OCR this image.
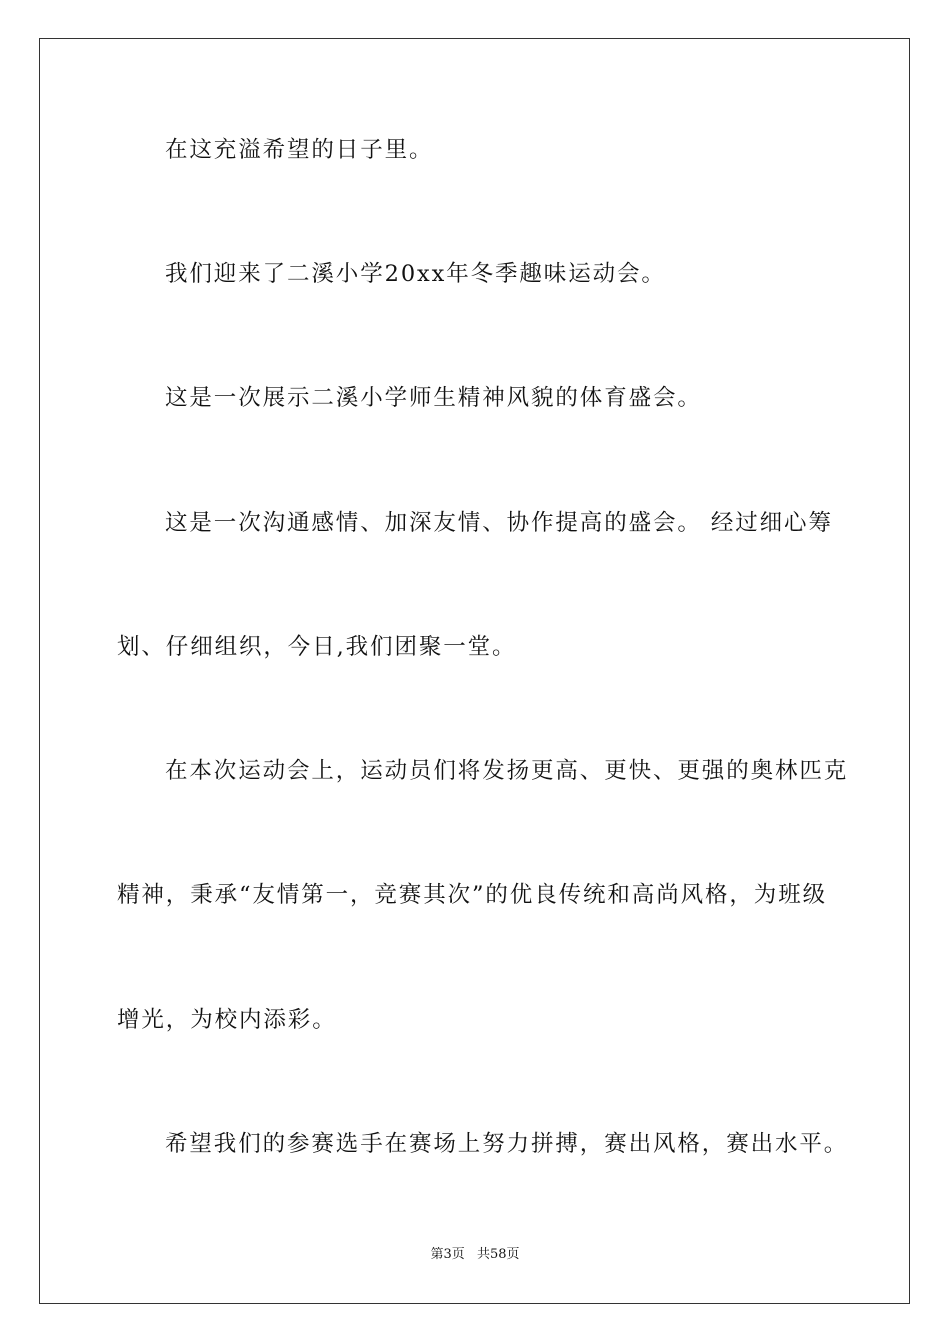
在这充溢希望的日子里。
我们迎来了二溪小学20xx年冬季趣味运动会。
这是一次展示二溪小学师生精神风貌的体育盛会。
这是一次沟通感情、加深友情、协作提高的盛会。 经过细心筹
划、仔细组织，今日,我们团聚一堂。
在本次运动会上，运动员们将发扬更高、更快、更强的奥林匹克
精神，秉承“友情第一，竞赛其次”的优良传统和高尚风格，为班级
增光，为校内添彩。
希望我们的参赛选手在赛场上努力拼搏，赛出风格，赛出水平。
第3页 共58页
